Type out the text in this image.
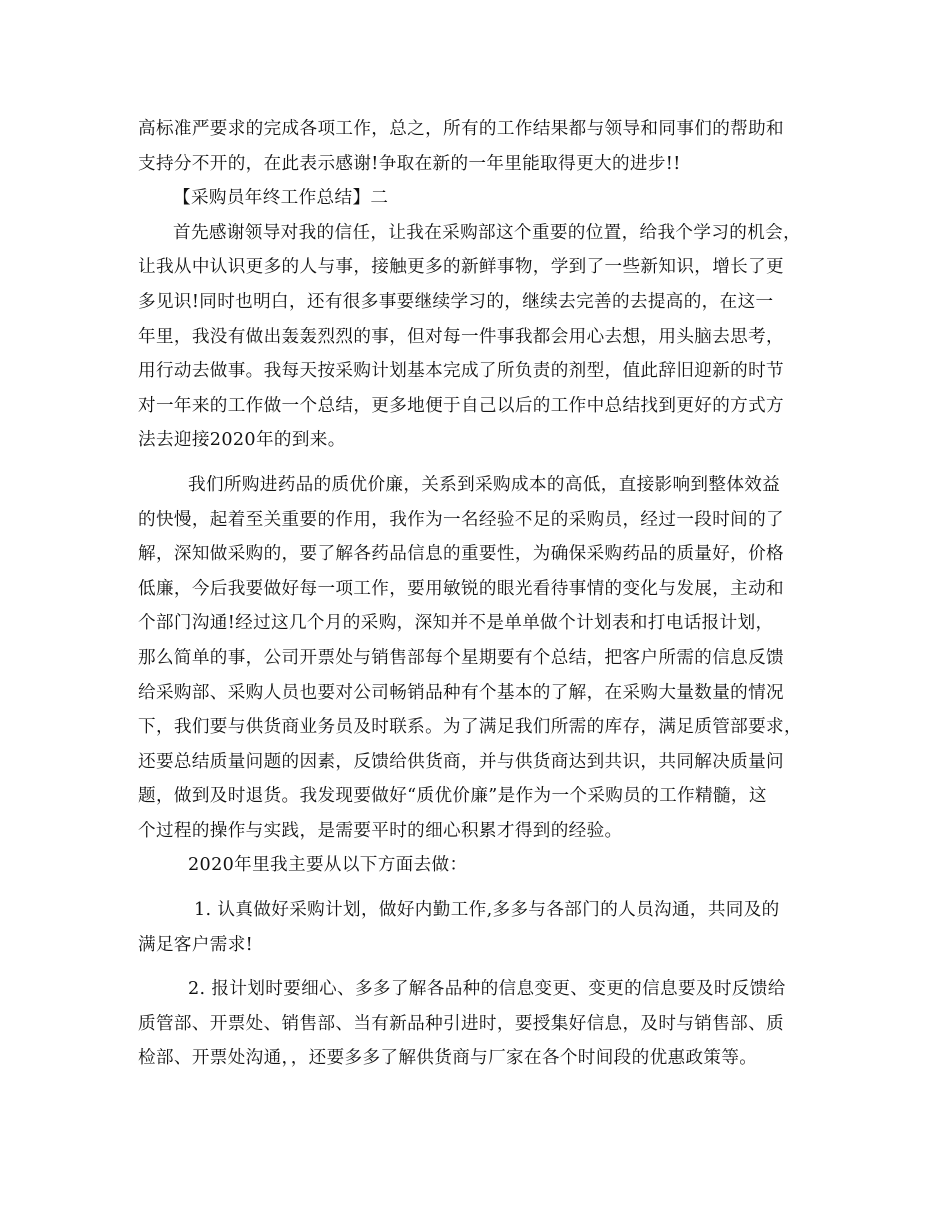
高标准严要求的完成各项工作，总之，所有的工作结果都与领导和同事们的帮助和
支持分不开的，在此表示感谢!争取在新的一年里能取得更大的进步!!
【采购员年终工作总结】二
首先感谢领导对我的信任，让我在采购部这个重要的位置，给我个学习的机会，
让我从中认识更多的人与事，接触更多的新鲜事物，学到了一些新知识，增长了更
多见识!同时也明白，还有很多事要继续学习的，继续去完善的去提高的，在这一
年里，我没有做出轰轰烈烈的事，但对每一件事我都会用心去想，用头脑去思考，
用行动去做事。我每天按采购计划基本完成了所负责的剂型，值此辞旧迎新的时节
对一年来的工作做一个总结，更多地便于自己以后的工作中总结找到更好的方式方
法去迎接2020年的到来。
我们所购进药品的质优价廉，关系到采购成本的高低，直接影响到整体效益
的快慢，起着至关重要的作用，我作为一名经验不足的采购员，经过一段时间的了
解，深知做采购的，要了解各药品信息的重要性，为确保采购药品的质量好，价格
低廉，今后我要做好每一项工作，要用敏锐的眼光看待事情的变化与发展，主动和
个部门沟通!经过这几个月的采购，深知并不是单单做个计划表和打电话报计划，
那么简单的事，公司开票处与销售部每个星期要有个总结，把客户所需的信息反馈
给采购部、采购人员也要对公司畅销品种有个基本的了解，在采购大量数量的情况
下，我们要与供货商业务员及时联系。为了满足我们所需的库存，满足质管部要求，
还要总结质量问题的因素，反馈给供货商，并与供货商达到共识，共同解决质量问
题，做到及时退货。我发现要做好“质优价廉”是作为一个采购员的工作精髓，这
个过程的操作与实践，是需要平时的细心积累才得到的经验。
2020年里我主要从以下方面去做：
1. 认真做好采购计划，做好内勤工作,多多与各部门的人员沟通，共同及的
满足客户需求!
2. 报计划时要细心、多多了解各品种的信息变更、变更的信息要及时反馈给
质管部、开票处、销售部、当有新品种引进时，要授集好信息，及时与销售部、质
检部、开票处沟通，，还要多多了解供货商与厂家在各个时间段的优惠政策等。
